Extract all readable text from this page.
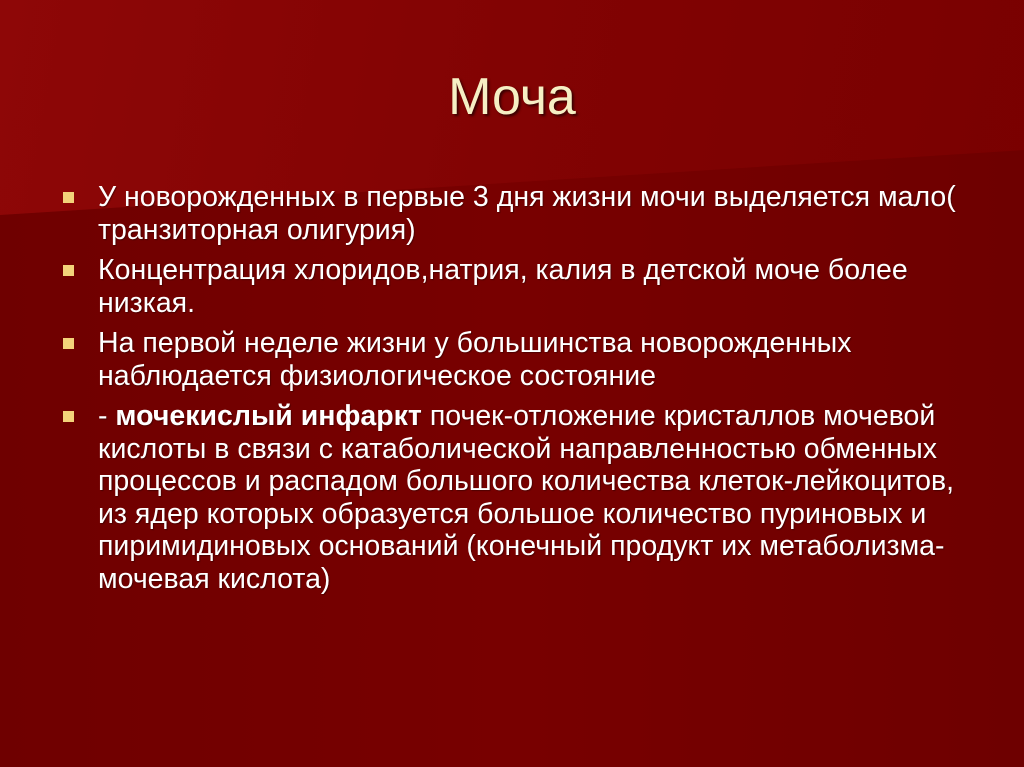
Моча
У новорожденных в первые 3 дня жизни мочи выделяется мало( транзиторная олигурия)
Концентрация хлоридов,натрия, калия в детской моче более низкая.
На первой неделе жизни у большинства новорожденных наблюдается физиологическое состояние
- мочекислый инфаркт почек-отложение кристаллов мочевой кислоты в связи с катаболической направленностью обменных процессов и распадом большого количества клеток-лейкоцитов, из ядер которых образуется большое количество пуриновых и пиримидиновых оснований (конечный продукт их метаболизма-мочевая кислота)
